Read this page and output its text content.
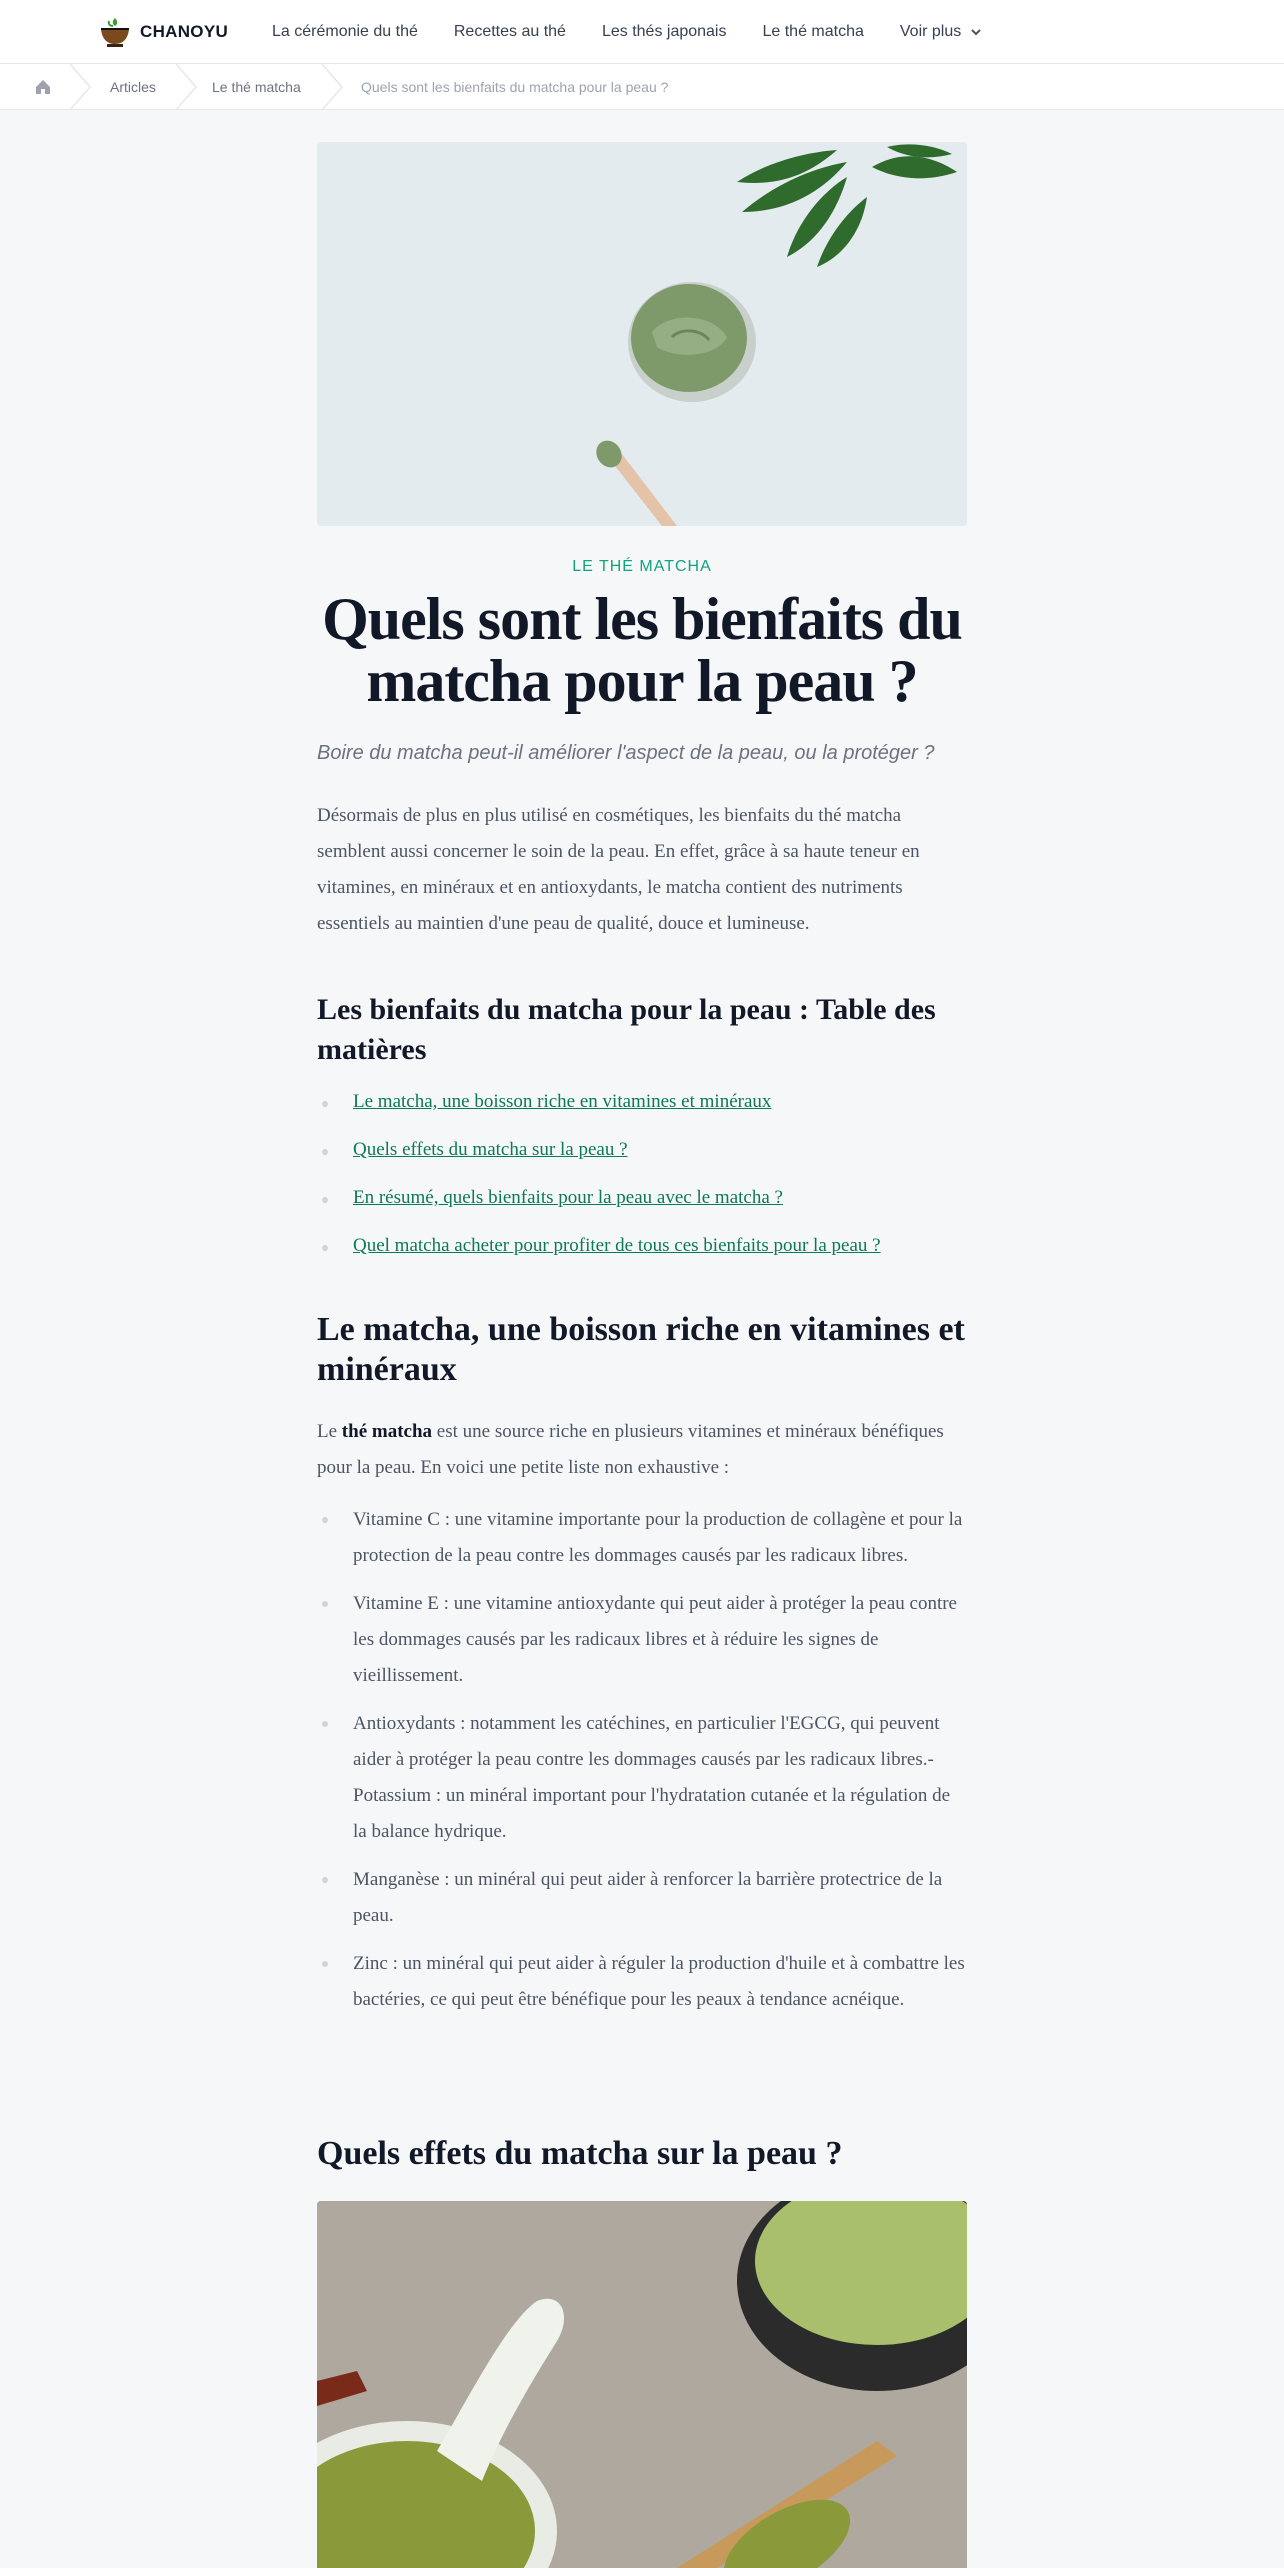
CHANOYU	La cérémonie du thé	Recettes au thé	Les thés japonais	Le thé matcha	Voir plus
Articles	Le thé matcha	Quels sont les bienfaits du matcha pour la peau ?
LE THÉ MATCHA
Quels sont les bienfaits du matcha pour la peau ?

Boire du matcha peut-il améliorer l'aspect de la peau, ou la protéger ?

Désormais de plus en plus utilisé en cosmétiques, les bienfaits du thé matcha semblent aussi concerner le soin de la peau. En effet, grâce à sa haute teneur en vitamines, en minéraux et en antioxydants, le matcha contient des nutriments essentiels au maintien d'une peau de qualité, douce et lumineuse.

Les bienfaits du matcha pour la peau : Table des matières
Le matcha, une boisson riche en vitamines et minéraux
Quels effets du matcha sur la peau ?
En résumé, quels bienfaits pour la peau avec le matcha ?
Quel matcha acheter pour profiter de tous ces bienfaits pour la peau ?
Le matcha, une boisson riche en vitamines et minéraux

Le thé matcha est une source riche en plusieurs vitamines et minéraux bénéfiques pour la peau. En voici une petite liste non exhaustive :

Vitamine C : une vitamine importante pour la production de collagène et pour la protection de la peau contre les dommages causés par les radicaux libres.
Vitamine E : une vitamine antioxydante qui peut aider à protéger la peau contre les dommages causés par les radicaux libres et à réduire les signes de vieillissement.
Antioxydants : notamment les catéchines, en particulier l'EGCG, qui peuvent aider à protéger la peau contre les dommages causés par les radicaux libres.- Potassium : un minéral important pour l'hydratation cutanée et la régulation de la balance hydrique.
Manganèse : un minéral qui peut aider à renforcer la barrière protectrice de la peau.
Zinc : un minéral qui peut aider à réguler la production d'huile et à combattre les bactéries, ce qui peut être bénéfique pour les peaux à tendance acnéique.
Quels effets du matcha sur la peau ?
